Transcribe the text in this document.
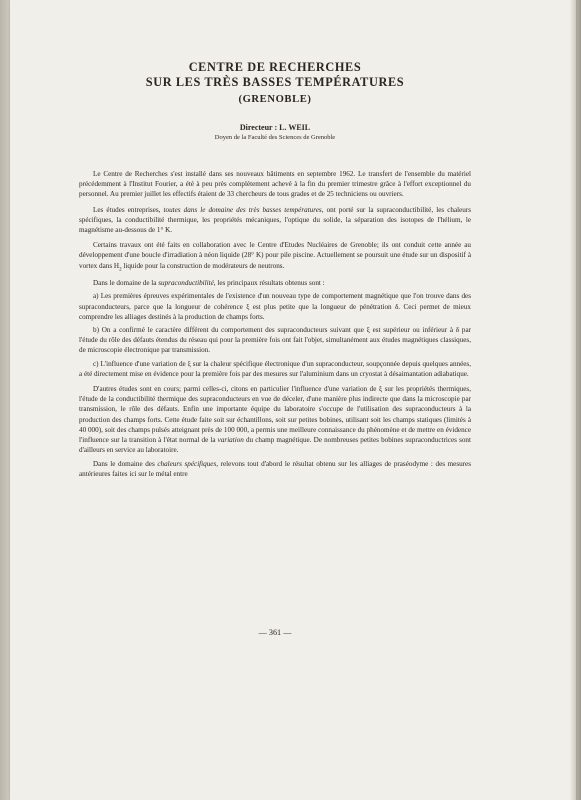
CENTRE DE RECHERCHES
SUR LES TRÈS BASSES TEMPÉRATURES
(GRENOBLE)
Directeur : L. WEIL
Doyen de la Faculté des Sciences de Grenoble

Le Centre de Recherches s'est installé dans ses nouveaux bâtiments en septembre 1962. Le transfert de l'ensemble du matériel précédemment à l'Institut Fourier, a été à peu près complètement achevé à la fin du premier trimestre grâce à l'effort exceptionnel du personnel. Au premier juillet les effectifs étaient de 33 chercheurs de tous grades et de 25 techniciens ou ouvriers.

Les études entreprises, toutes dans le domaine des très basses températures, ont porté sur la supraconductibilité, les chaleurs spécifiques, la conductibilité thermique, les propriétés mécaniques, l'optique du solide, la séparation des isotopes de l'hélium, le magnétisme au-dessous de 1° K.

Certains travaux ont été faits en collaboration avec le Centre d'Etudes Nucléaires de Grenoble; ils ont conduit cette année au développement d'une boucle d'irradiation à néon liquide (28° K) pour pile piscine. Actuellement se poursuit une étude sur un dispositif à vortex dans $H_2$ liquide pour la construction de modérateurs de neutrons.

Dans le domaine de la supraconductibilité, les principaux résultats obtenus sont :

a) Les premières épreuves expérimentales de l'existence d'un nouveau type de comportement magnétique que l'on trouve dans des supraconducteurs, parce que la longueur de cohérence ξ est plus petite que la longueur de pénétration δ. Ceci permet de mieux comprendre les alliages destinés à la production de champs forts.

b) On a confirmé le caractère différent du comportement des supraconducteurs suivant que ξ est supérieur ou inférieur à δ par l'étude du rôle des défauts étendus du réseau qui pour la première fois ont fait l'objet, simultanément aux études magnétiques classiques, de microscopie électronique par transmission.

c) L'influence d'une variation de ξ sur la chaleur spécifique électronique d'un supraconducteur, soupçonnée depuis quelques années, a été directement mise en évidence pour la première fois par des mesures sur l'aluminium dans un cryostat à désaimantation adiabatique.

D'autres études sont en cours; parmi celles-ci, citons en particulier l'influence d'une variation de ξ sur les propriétés thermiques, l'étude de la conductibilité thermique des supraconducteurs en vue de déceler, d'une manière plus indirecte que dans la microscopie par transmission, le rôle des défauts. Enfin une importante équipe du laboratoire s'occupe de l'utilisation des supraconducteurs à la production des champs forts. Cette étude faite soit sur échantillons, soit sur petites bobines, utilisant soit les champs statiques (limités à 40 000), soit des champs pulsés atteignant près de 100 000, a permis une meilleure connaissance du phénomène et de mettre en évidence l'influence sur la transition à l'état normal de la variation du champ magnétique. De nombreuses petites bobines supraconductrices sont d'ailleurs en service au laboratoire.

Dans le domaine des chaleurs spécifiques, relevons tout d'abord le résultat obtenu sur les alliages de praséodyme : des mesures antérieures faites ici sur le métal entre

— 361 —
